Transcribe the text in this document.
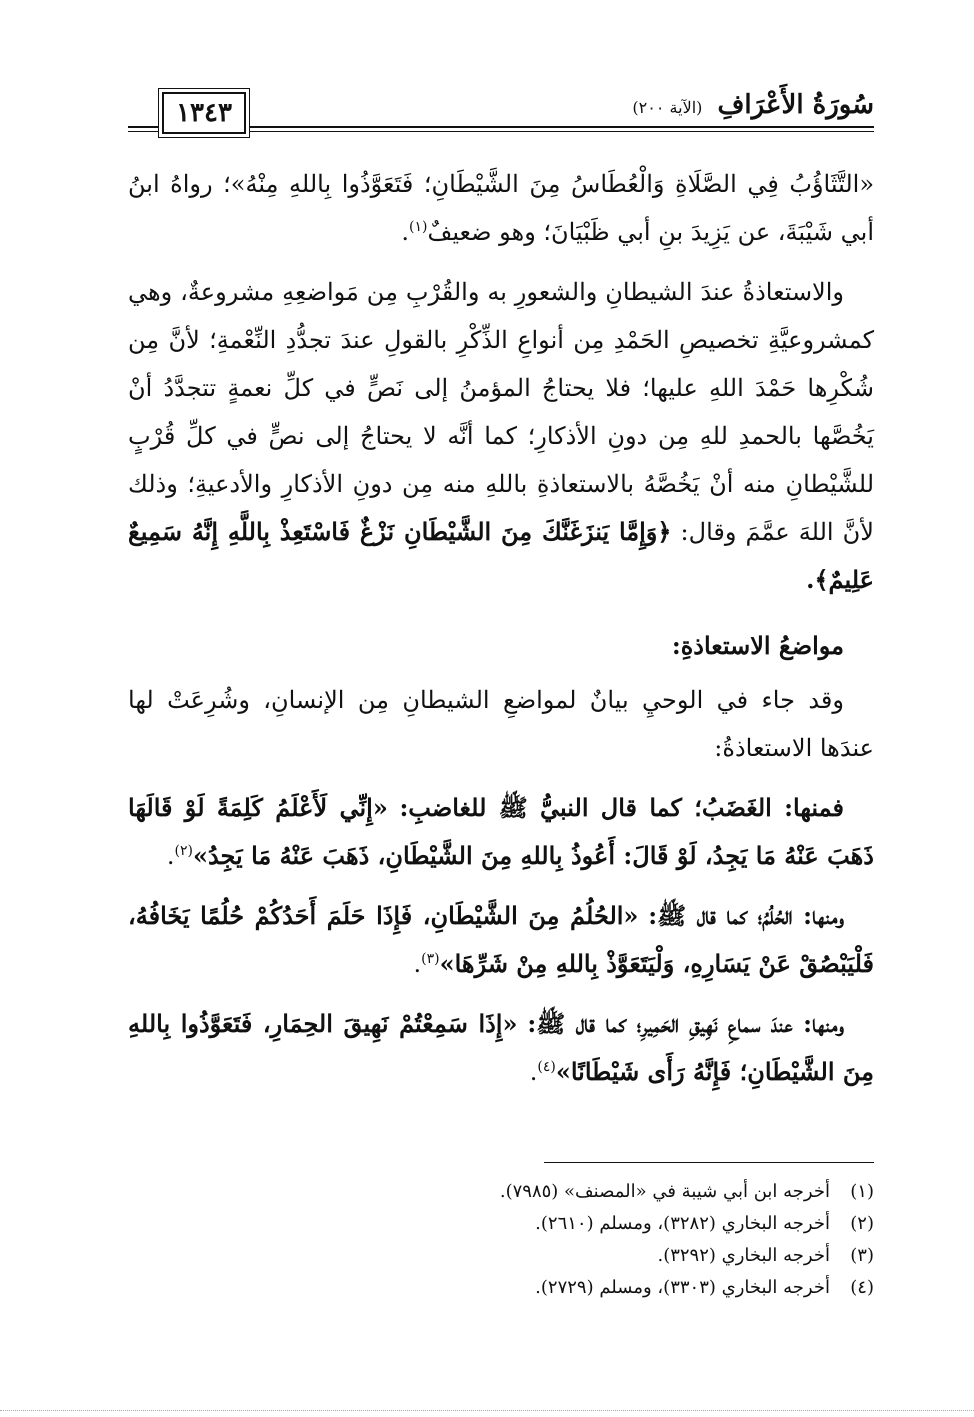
سُورَةُ الأَعْرَافِ (الآية ٢٠٠)
١٣٤٣

«التَّثَاؤُبُ فِي الصَّلَاةِ وَالْعُطَاسُ مِنَ الشَّيْطَانِ؛ فَتَعَوَّذُوا بِاللهِ مِنْهُ»؛ رواهُ ابنُ أبي شَيْبَةَ، عن يَزِيدَ بنِ أبي ظَبْيَانَ؛ وهو ضعيفٌ$^{(١)}$.

والاستعاذةُ عندَ الشيطانِ والشعورِ به والقُرْبِ مِن مَواضعِهِ مشروعةٌ، وهي كمشروعيَّةِ تخصيصِ الحَمْدِ مِن أنواعِ الذِّكْرِ بالقولِ عندَ تجدُّدِ النِّعْمةِ؛ لأنَّ مِن شُكْرِها حَمْدَ اللهِ عليها؛ فلا يحتاجُ المؤمنُ إلى نَصٍّ في كلِّ نعمةٍ تتجدَّدُ أنْ يَخُصَّها بالحمدِ للهِ مِن دونِ الأذكارِ؛ كما أنَّه لا يحتاجُ إلى نصٍّ في كلِّ قُرْبٍ للشَّيْطانِ منه أنْ يَخُصَّهُ بالاستعاذةِ باللهِ منه مِن دونِ الأذكارِ والأدعيةِ؛ وذلك لأنَّ اللهَ عمَّمَ وقال: ﴿وَإِمَّا يَنزَغَنَّكَ مِنَ الشَّيْطَانِ نَزْغٌ فَاسْتَعِذْ بِاللَّهِ إِنَّهُ سَمِيعٌ عَلِيمٌ﴾.

مواضعُ الاستعاذةِ:

وقد جاء في الوحيِ بيانٌ لمواضعِ الشيطانِ مِن الإنسانِ، وشُرِعَتْ لها عندَها الاستعاذةُ:

فمنها: الغَضَبُ؛ كما قال النبيُّ ﷺ للغاضبِ: «إِنِّي لَأَعْلَمُ كَلِمَةً لَوْ قَالَهَا ذَهَبَ عَنْهُ مَا يَجِدُ، لَوْ قَالَ: أَعُوذُ بِاللهِ مِنَ الشَّيْطَانِ، ذَهَبَ عَنْهُ مَا يَجِدُ»$^{(٢)}$.

ومنها: الحُلُمُ؛ كما قال ﷺ: «الحُلُمُ مِنَ الشَّيْطَانِ، فَإِذَا حَلَمَ أَحَدُكُمْ حُلُمًا يَخَافُهُ، فَلْيَبْصُقْ عَنْ يَسَارِهِ، وَلْيَتَعَوَّذْ بِاللهِ مِنْ شَرِّهَا»$^{(٣)}$.

ومنها: عندَ سماعِ نَهِيقِ الحَمِيرِ؛ كما قال ﷺ: «إِذَا سَمِعْتُمْ نَهِيقَ الحِمَارِ، فَتَعَوَّذُوا بِاللهِ مِنَ الشَّيْطَانِ؛ فَإِنَّهُ رَأَى شَيْطَانًا»$^{(٤)}$.

(١)
أخرجه ابن أبي شيبة في «المصنف» (٧٩٨٥).
(٢)
أخرجه البخاري (٣٢٨٢)، ومسلم (٢٦١٠).
(٣)
أخرجه البخاري (٣٢٩٢).
(٤)
أخرجه البخاري (٣٣٠٣)، ومسلم (٢٧٢٩).
